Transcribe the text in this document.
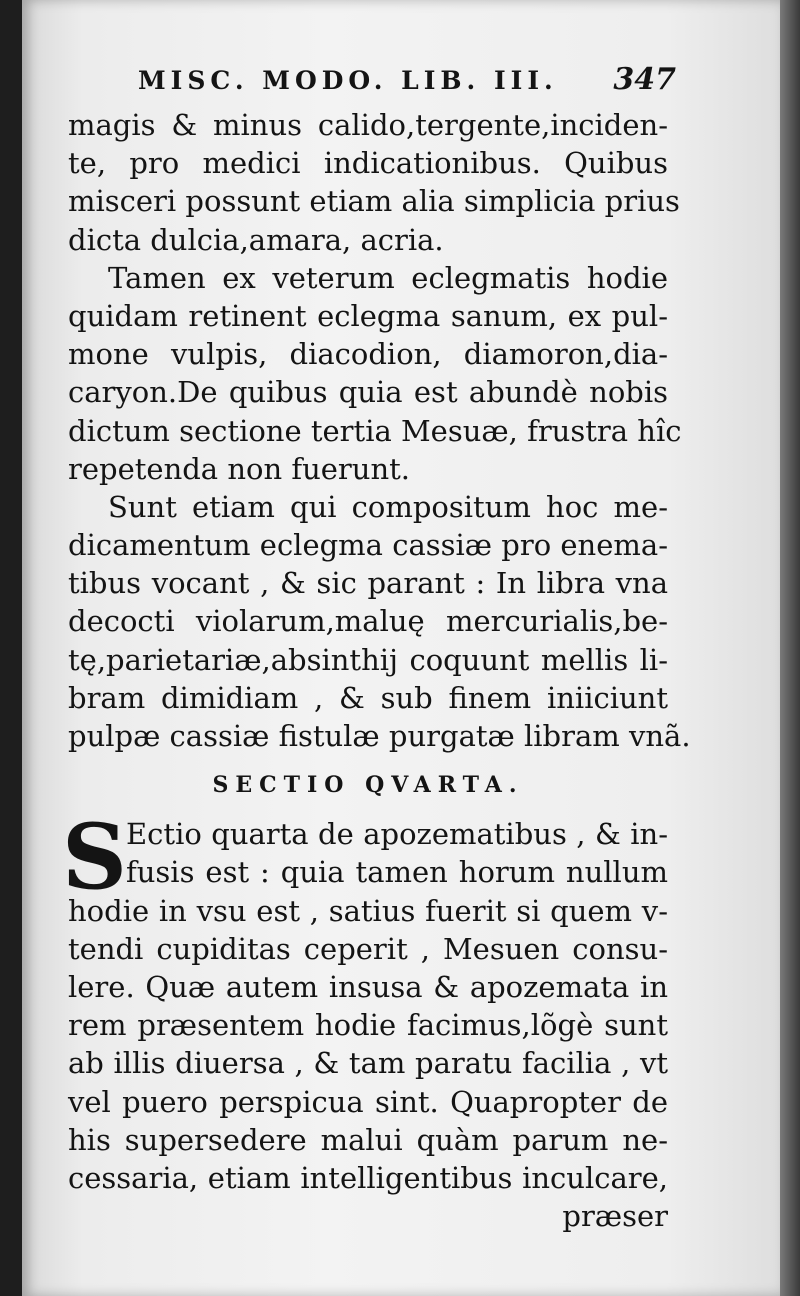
MISC. MODO. LIB. III. 347
magis & minus calido,tergente,inciden-
te, pro medici indicationibus. Quibus
misceri possunt etiam alia simplicia prius
dicta dulcia,amara, acria.
Tamen ex veterum eclegmatis hodie
quidam retinent eclegma sanum, ex pul-
mone vulpis, diacodion, diamoron,dia-
caryon.De quibus quia est abundè nobis
dictum sectione tertia Mesuæ, frustra hîc
repetenda non fuerunt.
Sunt etiam qui compositum hoc me-
dicamentum eclegma cassiæ pro enema-
tibus vocant , & sic parant : In libra vna
decocti violarum,maluę mercurialis,be-
tę,parietariæ,absinthij coquunt mellis li-
bram dimidiam , & sub finem iniiciunt
pulpæ cassiæ fistulæ purgatæ libram vnã.
SECTIO QVARTA.
S Ectio quarta de apozematibus , & in-
fusis est : quia tamen horum nullum
hodie in vsu est , satius fuerit si quem v-
tendi cupiditas ceperit , Mesuen consu-
lere. Quæ autem insusa & apozemata in
rem præsentem hodie facimus,lõgè sunt
ab illis diuersa , & tam paratu facilia , vt
vel puero perspicua sint. Quapropter de
his supersedere malui quàm parum ne-
cessaria, etiam intelligentibus inculcare,
præser
